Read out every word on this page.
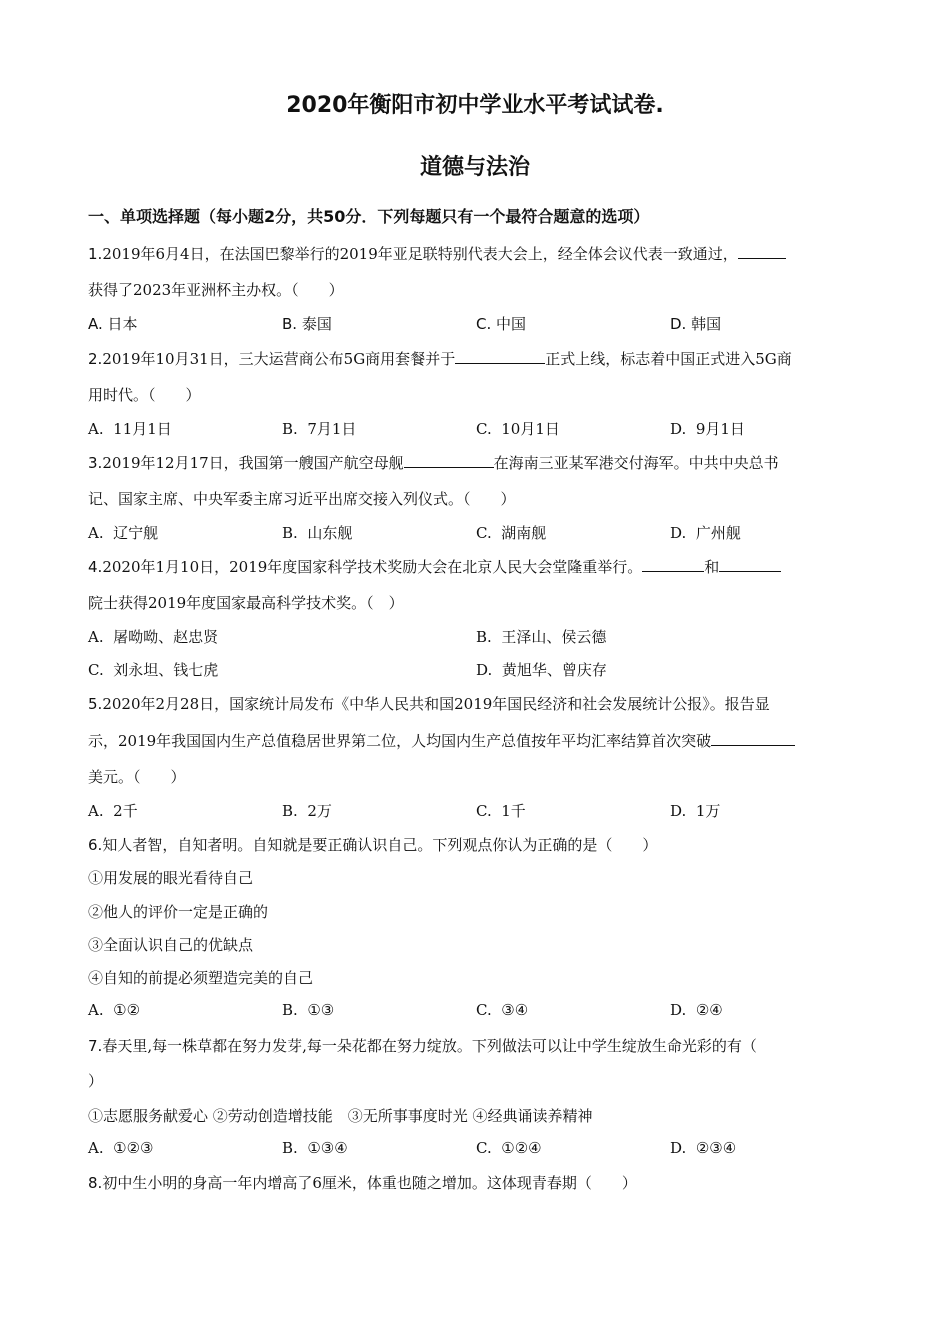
2020年衡阳市初中学业水平考试试卷.
道德与法治
一、单项选择题（每小题2分，共50分．下列每题只有一个最符合题意的选项）
1.2019年6月4日，在法国巴黎举行的2019年亚足联特别代表大会上，经全体会议代表一致通过，
获得了2023年亚洲杯主办权。（　　）
A. 日本	B. 泰国	C. 中国	D. 韩国
2.2019年10月31日，三大运营商公布5G商用套餐并于	正式上线，标志着中国正式进入5G商
用时代。（　　）
A. 11月1日	B. 7月1日	C. 10月1日	D. 9月1日
3.2019年12月17日，我国第一艘国产航空母舰	在海南三亚某军港交付海军。中共中央总书
记、国家主席、中央军委主席习近平出席交接入列仪式。（　　）
A. 辽宁舰	B. 山东舰	C. 湖南舰	D. 广州舰
4.2020年1月10日，2019年度国家科学技术奖励大会在北京人民大会堂隆重举行。	和
院士获得2019年度国家最高科学技术奖。（　）
A. 屠呦呦、赵忠贤	B. 王泽山、侯云德
C. 刘永坦、钱七虎	D. 黄旭华、曾庆存
5.2020年2月28日，国家统计局发布《中华人民共和国2019年国民经济和社会发展统计公报》。报告显
示，2019年我国国内生产总值稳居世界第二位，人均国内生产总值按年平均汇率结算首次突破
美元。（　　）
A. 2千	B. 2万	C. 1千	D. 1万
6.知人者智，自知者明。自知就是要正确认识自己。下列观点你认为正确的是（　　）
①用发展的眼光看待自己
②他人的评价一定是正确的
③全面认识自己的优缺点
④自知的前提必须塑造完美的自己
A. ①②	B. ①③	C. ③④	D. ②④
7.春天里,每一株草都在努力发芽,每一朵花都在努力绽放。下列做法可以让中学生绽放生命光彩的有（
）
①志愿服务献爱心 ②劳动创造增技能　③无所事事度时光 ④经典诵读养精神
A. ①②③	B. ①③④	C. ①②④	D. ②③④
8.初中生小明的身高一年内增高了6厘米，体重也随之增加。这体现青春期（　　）
